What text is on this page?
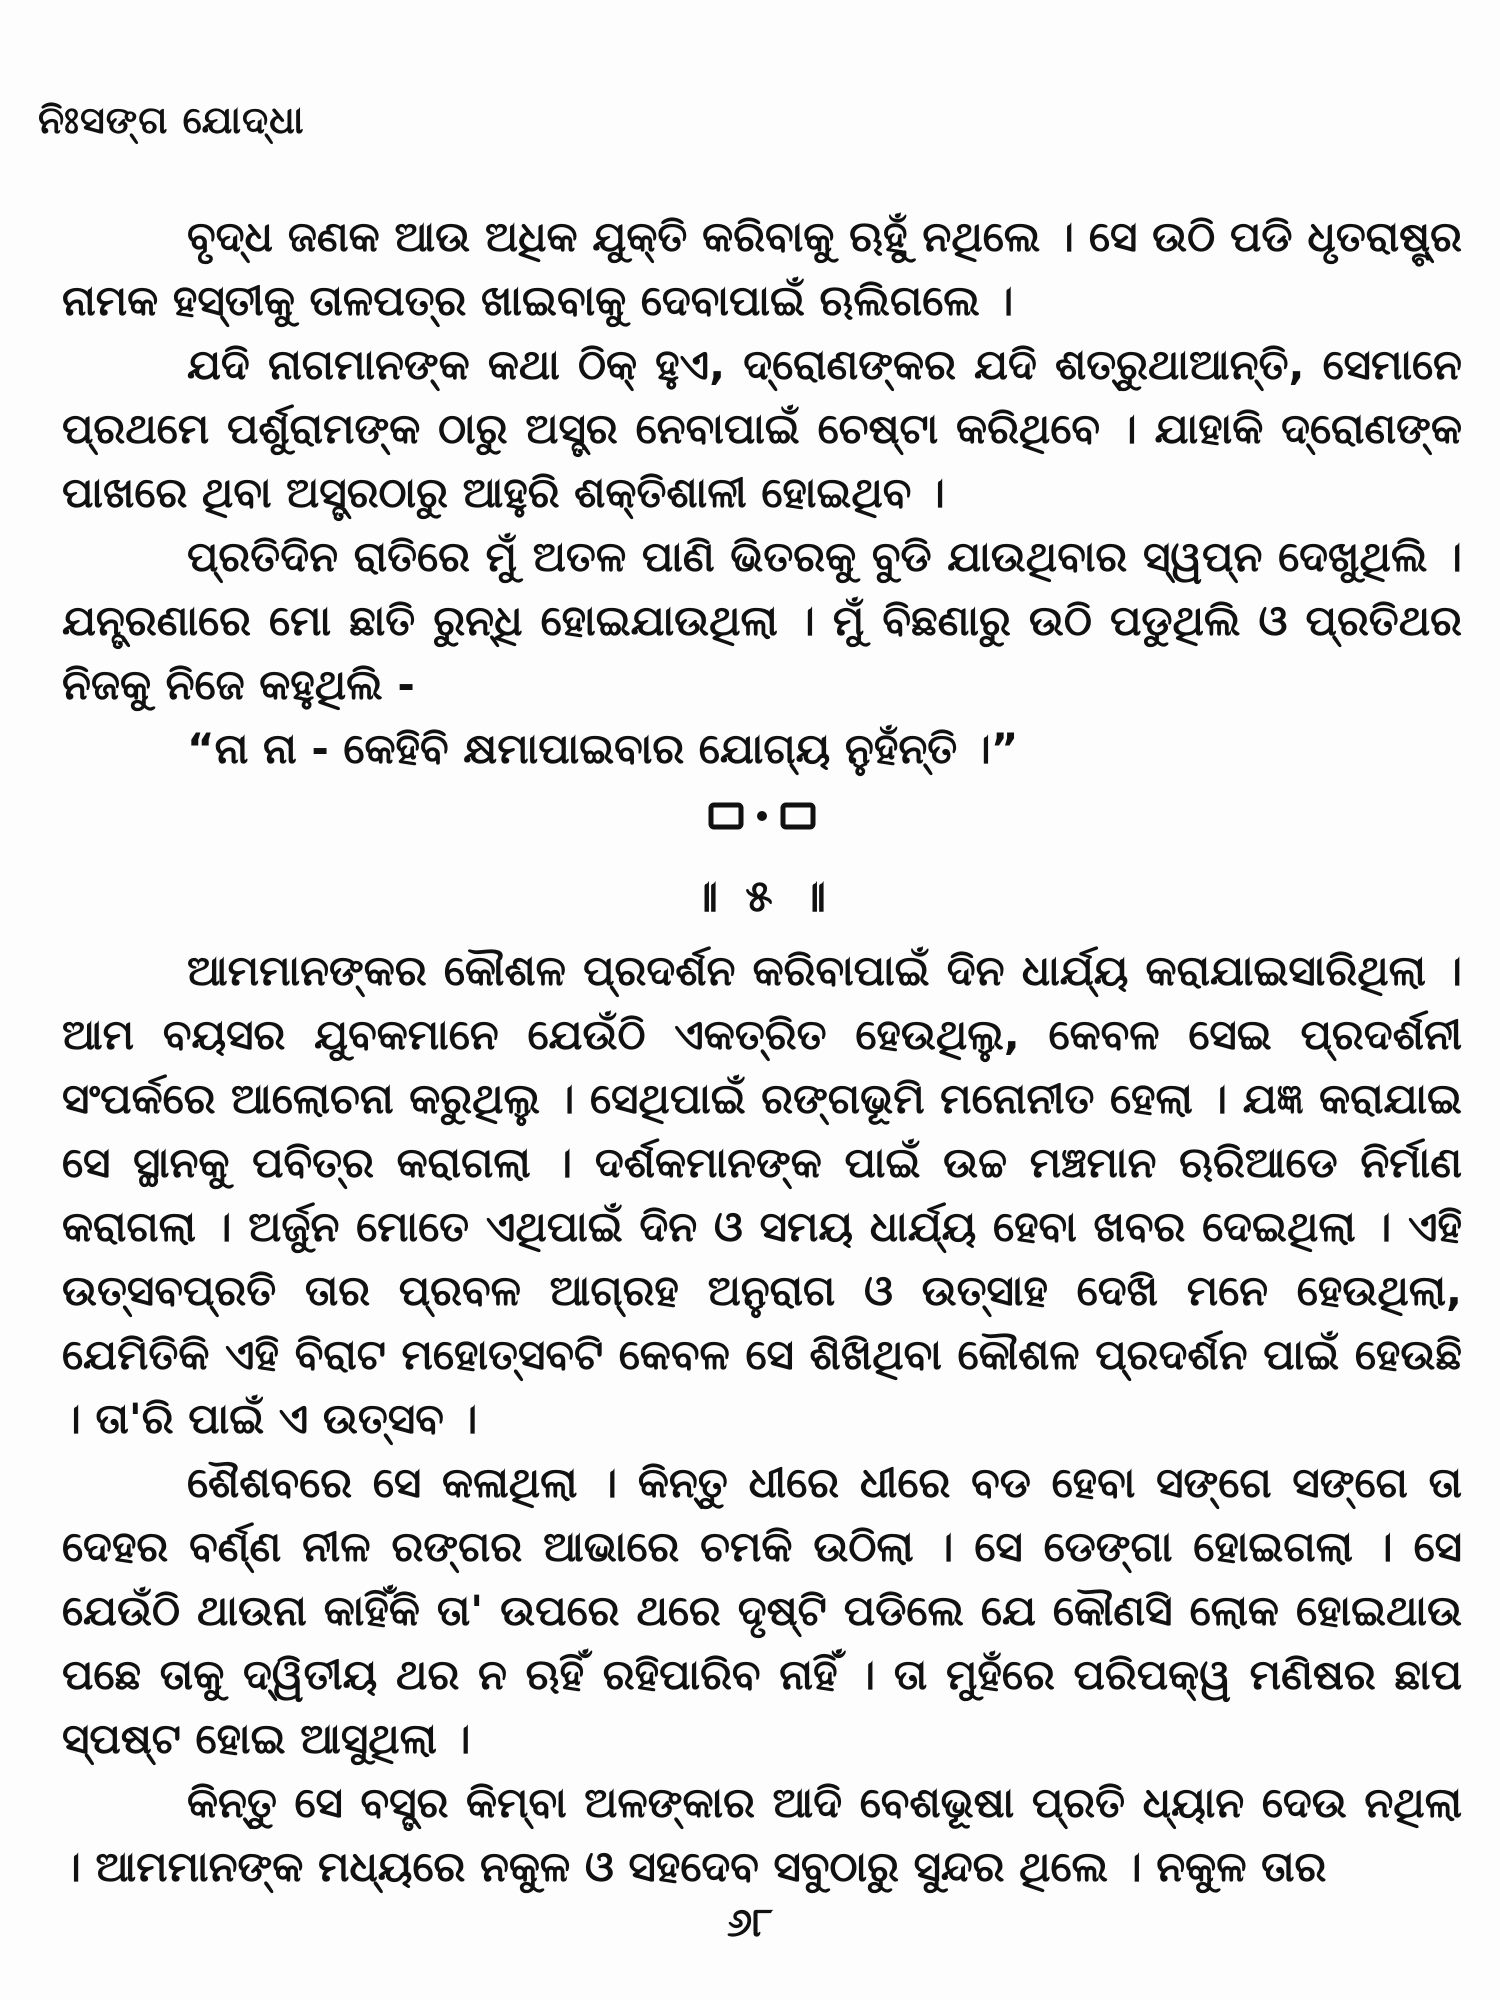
ନିଃସଙ୍ଗ ଯୋଦ୍ଧା

ବୃଦ୍ଧ ଜଣକ ଆଉ ଅଧିକ ଯୁକ୍ତି କରିବାକୁ ଋହୁଁ ନଥିଲେ । ସେ ଉଠି ପଡି ଧୃତରାଷ୍ଟ୍ର ନାମକ ହସ୍ତୀକୁ ତାଳପତ୍ର ଖାଇବାକୁ ଦେବାପାଇଁ ଋଲିଗଲେ ।

ଯଦି ନାଗମାନଙ୍କ କଥା ଠିକ୍ ହୁଏ, ଦ୍ରୋଣଙ୍କର ଯଦି ଶତ୍ରୁଥାଆନ୍ତି, ସେମାନେ ପ୍ରଥମେ ପର୍ଶୁରାମଙ୍କ ଠାରୁ ଅସ୍ତ୍ର ନେବାପାଇଁ ଚେଷ୍ଟା କରିଥିବେ । ଯାହାକି ଦ୍ରୋଣଙ୍କ ପାଖରେ ଥିବା ଅସ୍ତ୍ରଠାରୁ ଆହୁରି ଶକ୍ତିଶାଳୀ ହୋଇଥିବ ।

ପ୍ରତିଦିନ ରାତିରେ ମୁଁ ଅତଳ ପାଣି ଭିତରକୁ ବୁଡି ଯାଉଥିବାର ସ୍ୱପ୍ନ ଦେଖୁଥିଲି । ଯନ୍ତ୍ରଣାରେ ମୋ ଛାତି ରୁନ୍ଧି ହୋଇଯାଉଥିଲା । ମୁଁ ବିଛଣାରୁ ଉଠି ପଡୁଥିଲି ଓ ପ୍ରତିଥର ନିଜକୁ ନିଜେ କହୁଥିଲି -

“ନା ନା - କେହିବି କ୍ଷମାପାଇବାର ଯୋଗ୍ୟ ନୁହଁନ୍ତି ।”

॥ ୫ ॥

ଆମମାନଙ୍କର କୌଶଳ ପ୍ରଦର୍ଶନ କରିବାପାଇଁ ଦିନ ଧାର୍ଯ୍ୟ କରାଯାଇସାରିଥିଲା । ଆମ ବୟସର ଯୁବକମାନେ ଯେଉଁଠି ଏକତ୍ରିତ ହେଉଥିଲୁ, କେବଳ ସେଇ ପ୍ରଦର୍ଶନୀ ସଂପର୍କରେ ଆଲୋଚନା କରୁଥିଲୁ । ସେଥିପାଇଁ ରଙ୍ଗଭୂମି ମନୋନୀତ ହେଲା । ଯଜ୍ଞ କରାଯାଇ ସେ ସ୍ଥାନକୁ ପବିତ୍ର କରାଗଲା । ଦର୍ଶକମାନଙ୍କ ପାଇଁ ଉଚ୍ଚ ମଞ୍ଚମାନ ଋରିଆଡେ ନିର୍ମାଣ କରାଗଲା । ଅର୍ଜୁନ ମୋତେ ଏଥିପାଇଁ ଦିନ ଓ ସମୟ ଧାର୍ଯ୍ୟ ହେବା ଖବର ଦେଇଥିଲା । ଏହି ଉତ୍ସବପ୍ରତି ତାର ପ୍ରବଳ ଆଗ୍ରହ ଅନୁରାଗ ଓ ଉତ୍ସାହ ଦେଖି ମନେ ହେଉଥିଲା, ଯେମିତିକି ଏହି ବିରାଟ ମହୋତ୍ସବଟି କେବଳ ସେ ଶିଖିଥିବା କୌଶଳ ପ୍ରଦର୍ଶନ ପାଇଁ ହେଉଛି । ତା'ରି ପାଇଁ ଏ ଉତ୍ସବ ।

ଶୈଶବରେ ସେ କଳାଥିଲା । କିନ୍ତୁ ଧୀରେ ଧୀରେ ବଡ ହେବା ସଙ୍ଗେ ସଙ୍ଗେ ତା ଦେହର ବର୍ଣ୍ଣ ନୀଳ ରଙ୍ଗର ଆଭାରେ ଚମକି ଉଠିଲା । ସେ ଡେଙ୍ଗା ହୋଇଗଲା । ସେ ଯେଉଁଠି ଥାଉନା କାହିଁକି ତା' ଉପରେ ଥରେ ଦୃଷ୍ଟି ପଡିଲେ ଯେ କୌଣସି ଲୋକ ହୋଇଥାଉ ପଛେ ତାକୁ ଦ୍ୱିତୀୟ ଥର ନ ଋହିଁ ରହିପାରିବ ନାହିଁ । ତା ମୁହଁରେ ପରିପକ୍ୱ ମଣିଷର ଛାପ ସ୍ପଷ୍ଟ ହୋଇ ଆସୁଥିଲା ।

କିନ୍ତୁ ସେ ବସ୍ତ୍ର କିମ୍ବା ଅଳଙ୍କାର ଆଦି ବେଶଭୂଷା ପ୍ରତି ଧ୍ୟାନ ଦେଉ ନଥିଲା । ଆମମାନଙ୍କ ମଧ୍ୟରେ ନକୁଳ ଓ ସହଦେବ ସବୁଠାରୁ ସୁନ୍ଦର ଥିଲେ । ନକୁଳ ତାର

୬୮
